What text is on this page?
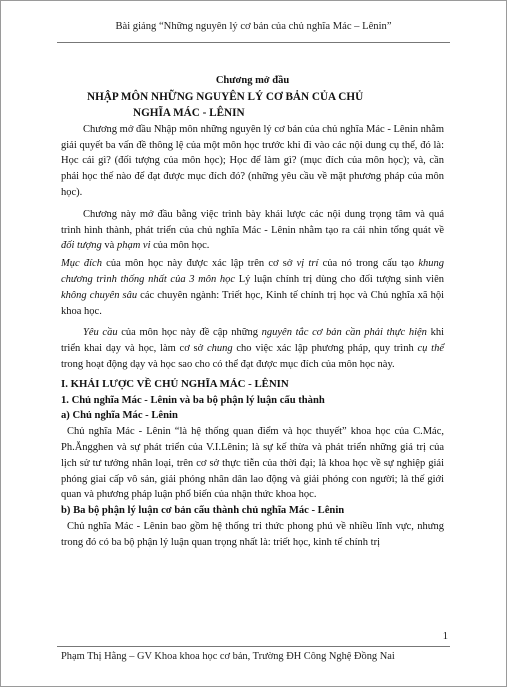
Bài giảng “Những nguyên lý cơ bản của chủ nghĩa Mác – Lênin”
Chương mở đầu
NHẬP MÔN NHỮNG NGUYÊN LÝ CƠ BẢN CỦA CHỦ
NGHĨA MÁC - LÊNIN

Chương mở đầu Nhập môn những nguyên lý cơ bản của chủ nghĩa Mác - Lênin nhằm giải quyết ba vấn đề thông lệ của một môn học trước khi đi vào các nội dung cụ thể, đó là: Học cái gì? (đối tượng của môn học); Học để làm gì? (mục đích của môn học); và, cần phải học thế nào để đạt được mục đích đó? (những yêu cầu về mặt phương pháp của môn học).

Chương này mở đầu bằng việc trình bày khái lược các nội dung trọng tâm và quá trình hình thành, phát triển của chủ nghĩa Mác - Lênin nhằm tạo ra cái nhìn tổng quát về đối tượng và phạm vi của môn học.

Mục đích của môn học này được xác lập trên cơ sở vị trí của nó trong cấu tạo khung chương trình thống nhất của 3 môn học Lý luận chính trị dùng cho đối tượng sinh viên không chuyên sâu các chuyên ngành: Triết học, Kinh tế chính trị học và Chủ nghĩa xã hội khoa học.

Yêu cầu của môn học này đề cập những nguyên tắc cơ bản cần phải thực hiện khi triển khai dạy và học, làm cơ sở chung cho việc xác lập phương pháp, quy trình cụ thể trong hoạt động dạy và học sao cho có thể đạt được mục đích của môn học này.

I. KHÁI LƯỢC VỀ CHỦ NGHĨA MÁC - LÊNIN
1. Chủ nghĩa Mác - Lênin và ba bộ phận lý luận cấu thành
a) Chủ nghĩa Mác - Lênin

Chủ nghĩa Mác - Lênin “là hệ thống quan điểm và học thuyết” khoa học của C.Mác, Ph.Ăngghen và sự phát triển của V.I.Lênin; là sự kế thừa và phát triển những giá trị của lịch sử tư tưởng nhân loại, trên cơ sở thực tiễn của thời đại; là khoa học về sự nghiệp giải phóng giai cấp vô sản, giải phóng nhân dân lao động và giải phóng con người; là thế giới quan và phương pháp luận phổ biến của nhận thức khoa học.

b) Ba bộ phận lý luận cơ bản cấu thành chủ nghĩa Mác - Lênin

Chủ nghĩa Mác - Lênin bao gồm hệ thống tri thức phong phú về nhiều lĩnh vực, nhưng trong đó có ba bộ phận lý luận quan trọng nhất là: triết học, kinh tế chính trị

1
Phạm Thị Hằng – GV Khoa khoa học cơ bản, Trường ĐH Công Nghệ Đồng Nai
